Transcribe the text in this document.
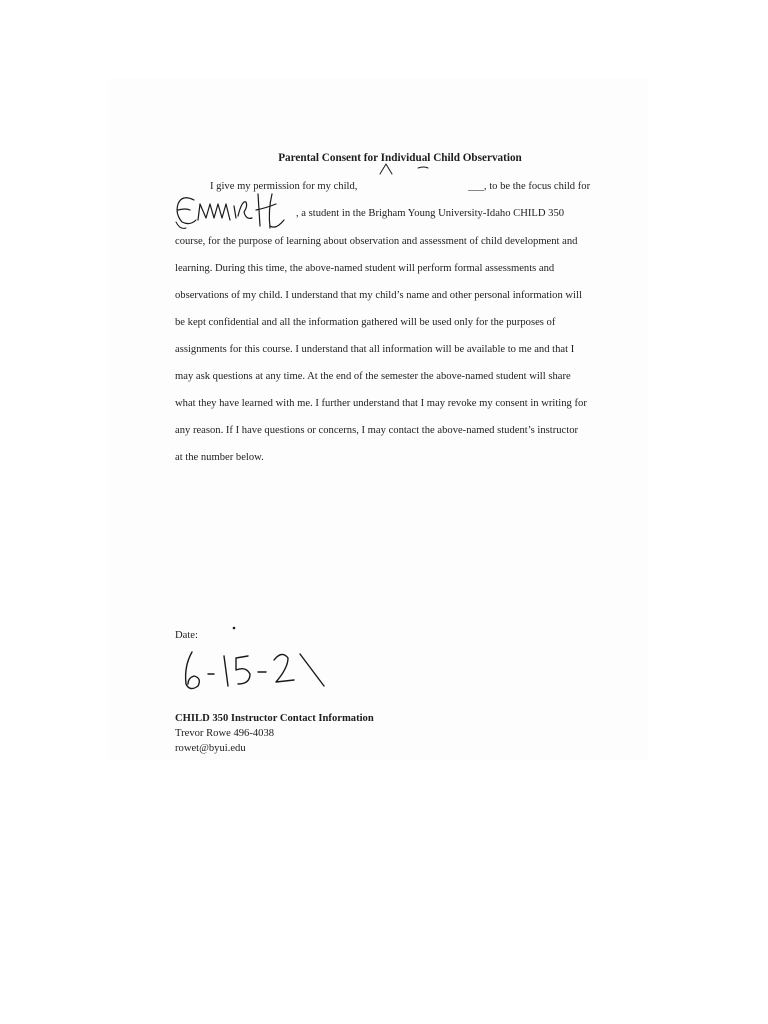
Parental Consent for Individual Child Observation
I give my permission for my child,	___, to be the focus child for
, a student in the Brigham Young University-Idaho CHILD 350
course, for the purpose of learning about observation and assessment of child development and
learning. During this time, the above-named student will perform formal assessments and
observations of my child. I understand that my child’s name and other personal information will
be kept confidential and all the information gathered will be used only for the purposes of
assignments for this course. I understand that all information will be available to me and that I
may ask questions at any time. At the end of the semester the above-named student will share
what they have learned with me. I further understand that I may revoke my consent in writing for
any reason. If I have questions or concerns, I may contact the above-named student’s instructor
at the number below.
Date:
CHILD 350 Instructor Contact Information
Trevor Rowe 496-4038
rowet@byui.edu
